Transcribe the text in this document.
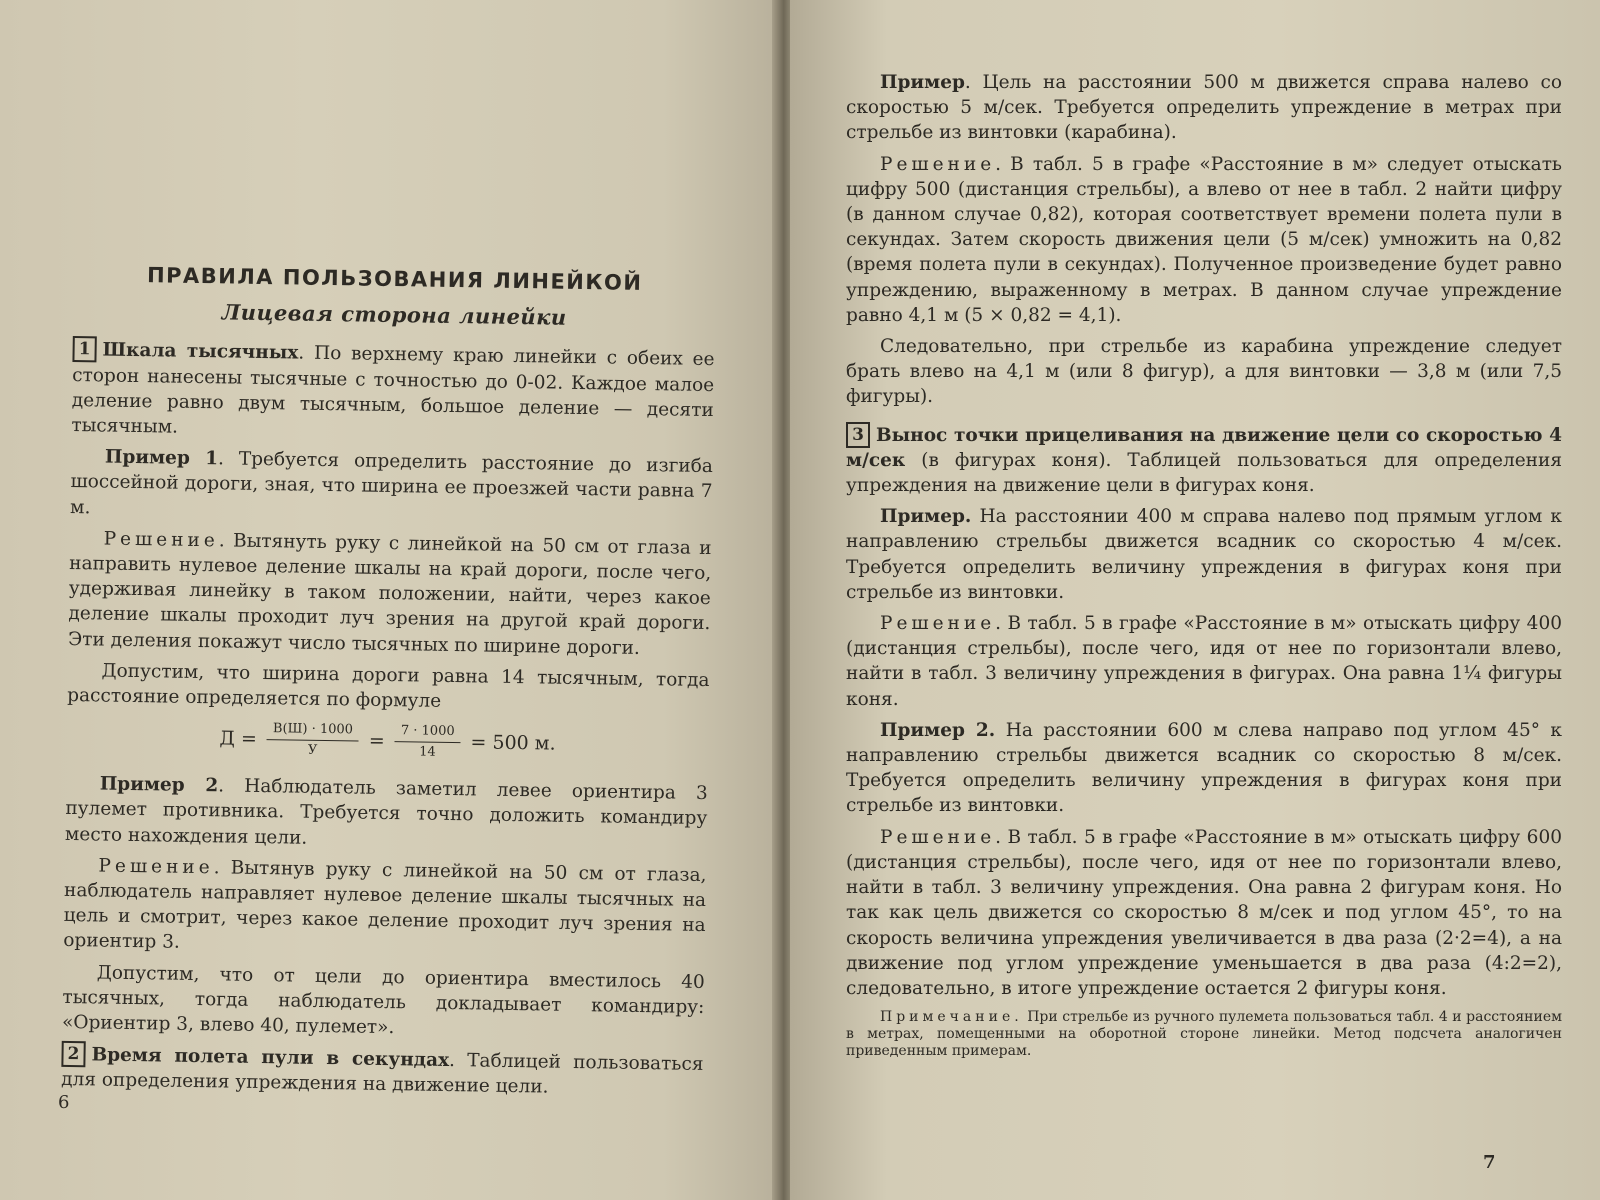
ПРАВИЛА ПОЛЬЗОВАНИЯ ЛИНЕЙКОЙ
Лицевая сторона линейки

1 Шкала тысячных. По верхнему краю линейки с обеих ее сторон нанесены тысячные с точностью до 0-02. Каждое малое деление равно двум тысячным, большое деление — десяти тысячным.

Пример 1. Требуется определить расстояние до изгиба шоссейной дороги, зная, что ширина ее проезжей части равна 7 м.

Решение. Вытянуть руку с линейкой на 50 см от глаза и направить нулевое деление шкалы на край дороги, после чего, удерживая линейку в таком положении, найти, через какое деление шкалы проходит луч зрения на другой край дороги. Эти деления покажут число тысячных по ширине дороги.

Допустим, что ширина дороги равна 14 тысячным, тогда расстояние определяется по формуле

$Д = \frac{В(Ш) \cdot 1000}{У} = \frac{7 \cdot 1000}{14} = 500$ м.

Пример 2. Наблюдатель заметил левее ориентира 3 пулемет противника. Требуется точно доложить командиру место нахождения цели.

Решение. Вытянув руку с линейкой на 50 см от глаза, наблюдатель направляет нулевое деление шкалы тысячных на цель и смотрит, через какое деление проходит луч зрения на ориентир 3.

Допустим, что от цели до ориентира вместилось 40 тысячных, тогда наблюдатель докладывает командиру: «Ориентир 3, влево 40, пулемет».

2 Время полета пули в секундах. Таблицей пользоваться для определения упреждения на движение цели.

6

Пример. Цель на расстоянии 500 м движется справа налево со скоростью 5 м/сек. Требуется определить упреждение в метрах при стрельбе из винтовки (карабина).

Решение. В табл. 5 в графе «Расстояние в м» следует отыскать цифру 500 (дистанция стрельбы), а влево от нее в табл. 2 найти цифру (в данном случае 0,82), которая соответствует времени полета пули в секундах. Затем скорость движения цели (5 м/сек) умножить на 0,82 (время полета пули в секундах). Полученное произведение будет равно упреждению, выраженному в метрах. В данном случае упреждение равно 4,1 м (5 × 0,82 = 4,1).

Следовательно, при стрельбе из карабина упреждение следует брать влево на 4,1 м (или 8 фигур), а для винтовки — 3,8 м (или 7,5 фигуры).

3 Вынос точки прицеливания на движение цели со скоростью 4 м/сек (в фигурах коня). Таблицей пользоваться для определения упреждения на движение цели в фигурах коня.

Пример. На расстоянии 400 м справа налево под прямым углом к направлению стрельбы движется всадник со скоростью 4 м/сек. Требуется определить величину упреждения в фигурах коня при стрельбе из винтовки.

Решение. В табл. 5 в графе «Расстояние в м» отыскать цифру 400 (дистанция стрельбы), после чего, идя от нее по горизонтали влево, найти в табл. 3 величину упреждения в фигурах. Она равна 1¼ фигуры коня.

Пример 2. На расстоянии 600 м слева направо под углом 45° к направлению стрельбы движется всадник со скоростью 8 м/сек. Требуется определить величину упреждения в фигурах коня при стрельбе из винтовки.

Решение. В табл. 5 в графе «Расстояние в м» отыскать цифру 600 (дистанция стрельбы), после чего, идя от нее по горизонтали влево, найти в табл. 3 величину упреждения. Она равна 2 фигурам коня. Но так как цель движется со скоростью 8 м/сек и под углом 45°, то на скорость величина упреждения увеличивается в два раза (2·2=4), а на движение под углом упреждение уменьшается в два раза (4:2=2), следовательно, в итоге упреждение остается 2 фигуры коня.

Примечание. При стрельбе из ручного пулемета пользоваться табл. 4 и расстоянием в метрах, помещенными на оборотной стороне линейки. Метод подсчета аналогичен приведенным примерам.

7
